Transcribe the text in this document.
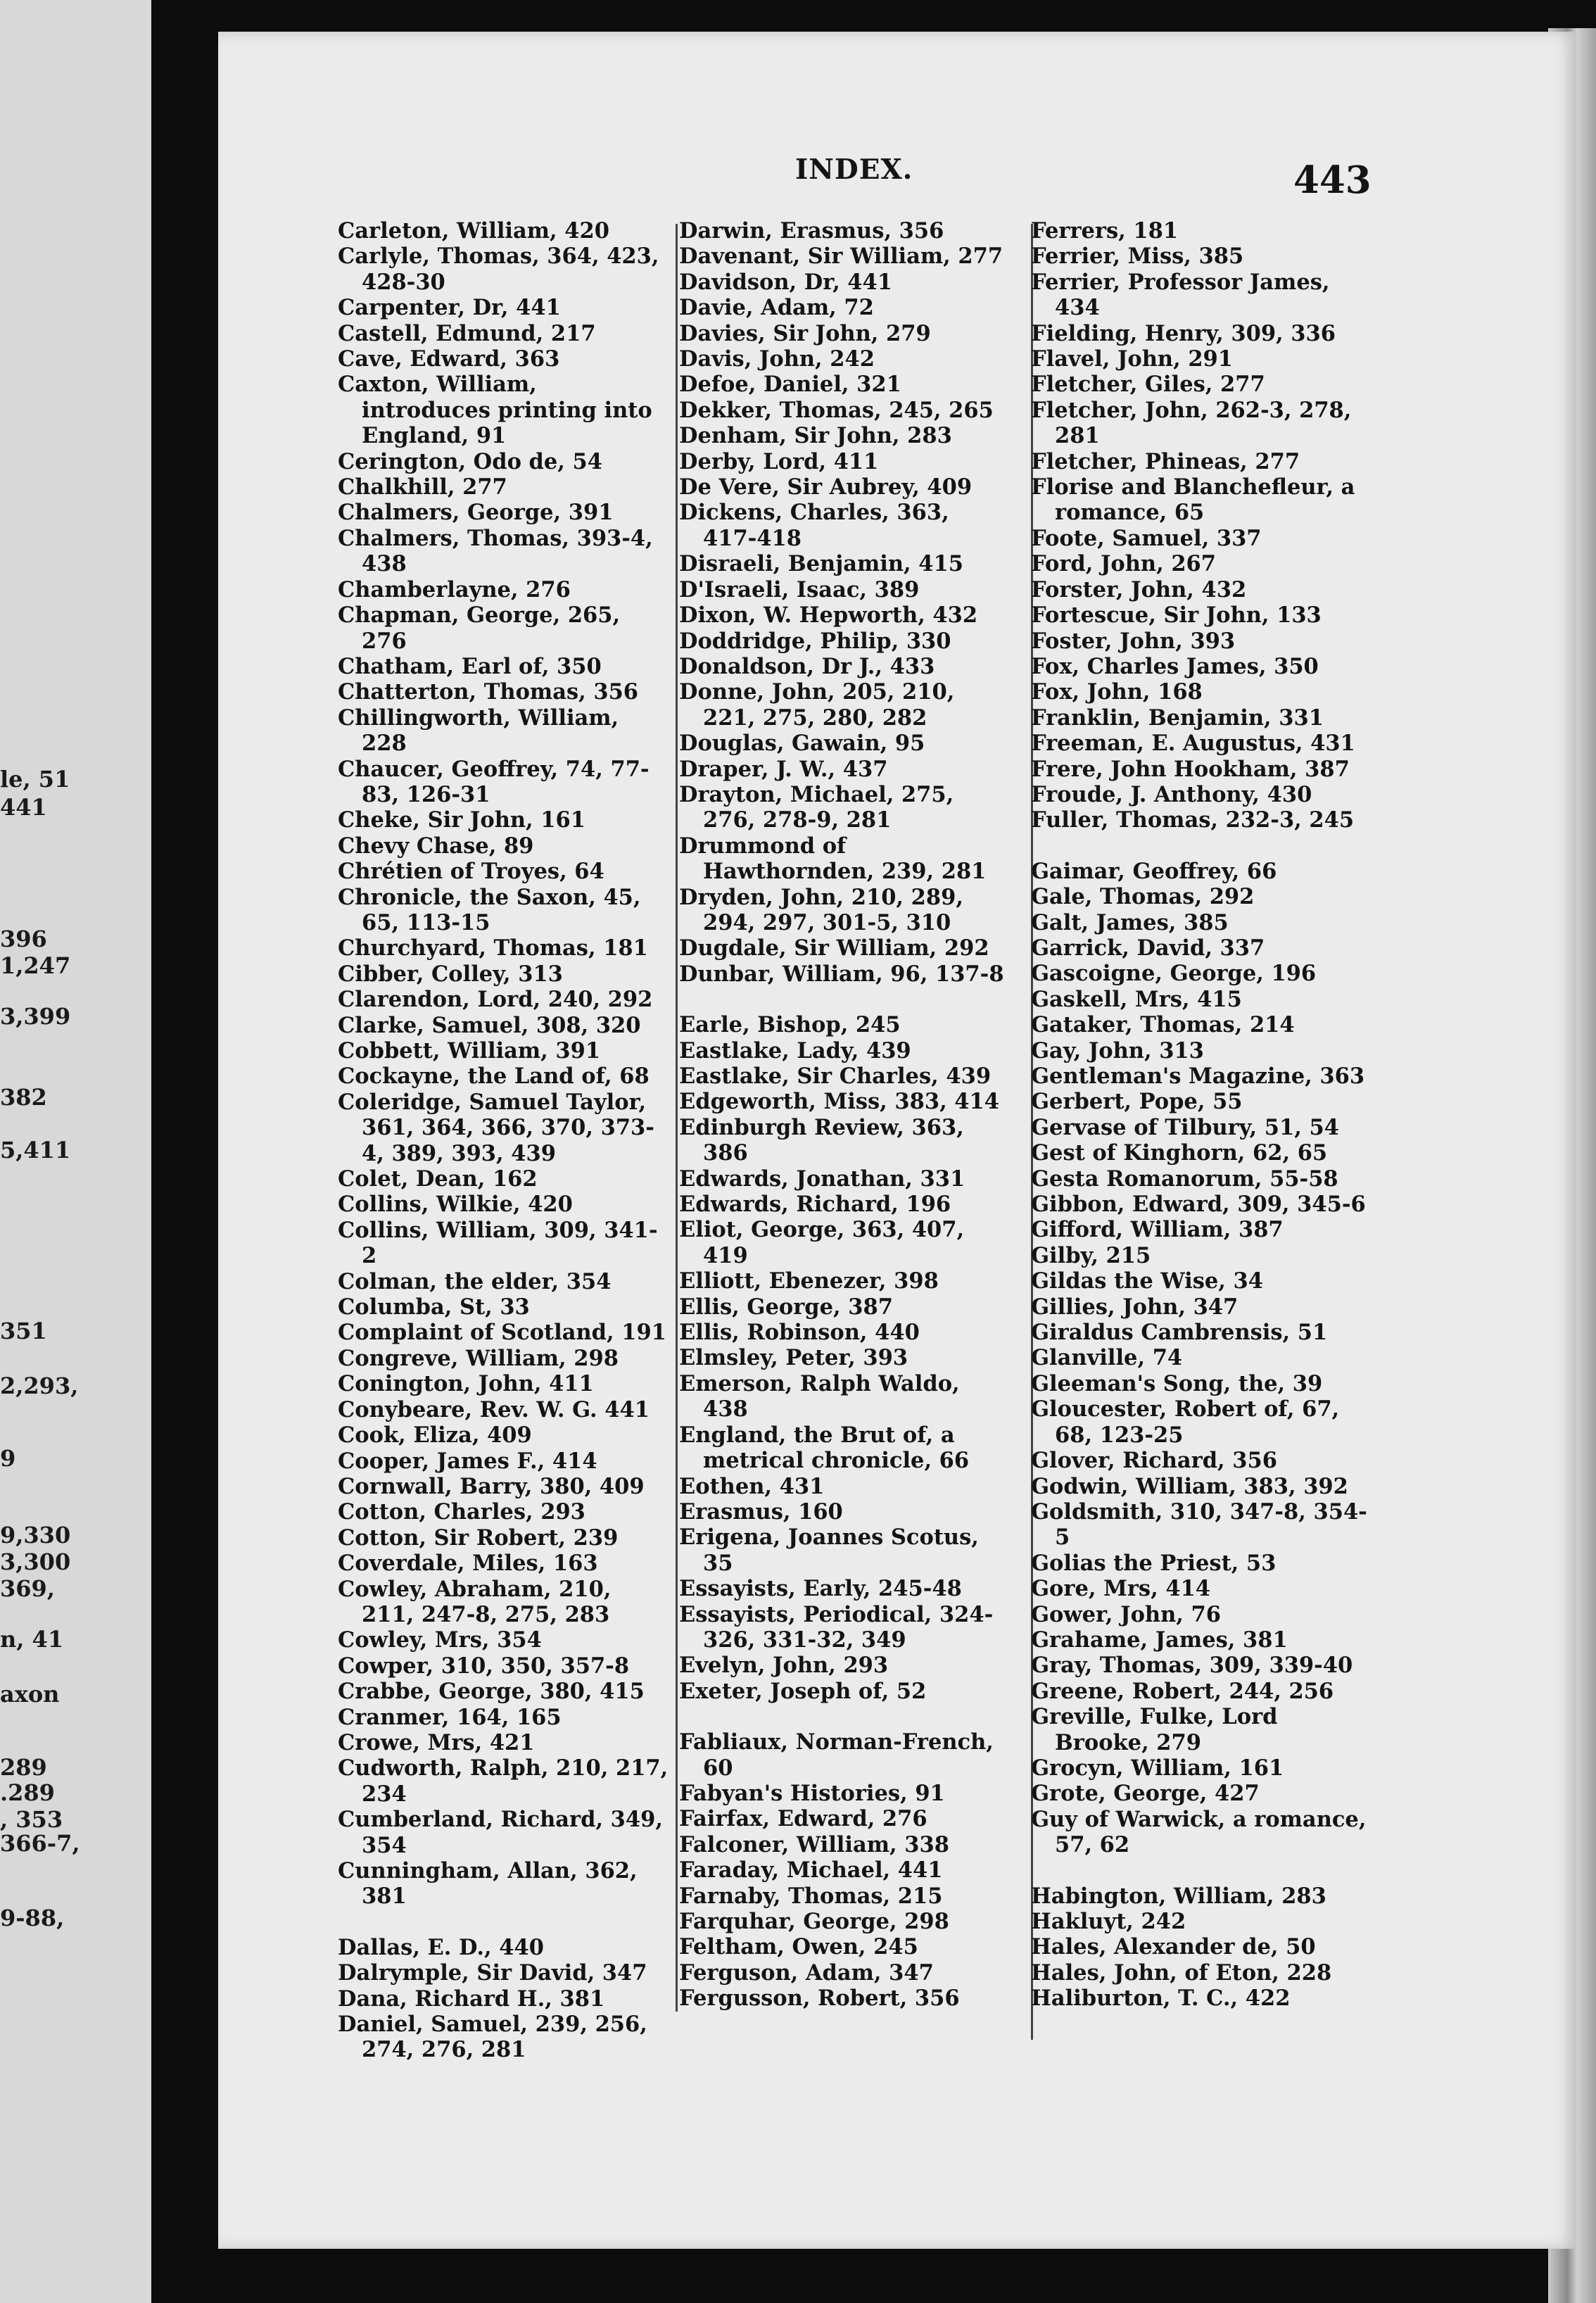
le, 51
441
396
1,247
3,399
382
5,411
351
2,293,
9
9,330
3,300
369,
n, 41
axon
289
.289
, 353
366-7,
9-88,
INDEX.	443
Carleton, William, 420
Carlyle, Thomas, 364, 423, 428-30
Carpenter, Dr, 441
Castell, Edmund, 217
Cave, Edward, 363
Caxton, William, introduces printing into England, 91
Cerington, Odo de, 54
Chalkhill, 277
Chalmers, George, 391
Chalmers, Thomas, 393-4, 438
Chamberlayne, 276
Chapman, George, 265, 276
Chatham, Earl of, 350
Chatterton, Thomas, 356
Chillingworth, William, 228
Chaucer, Geoffrey, 74, 77-83, 126-31
Cheke, Sir John, 161
Chevy Chase, 89
Chrétien of Troyes, 64
Chronicle, the Saxon, 45, 65, 113-15
Churchyard, Thomas, 181
Cibber, Colley, 313
Clarendon, Lord, 240, 292
Clarke, Samuel, 308, 320
Cobbett, William, 391
Cockayne, the Land of, 68
Coleridge, Samuel Taylor, 361, 364, 366, 370, 373-4, 389, 393, 439
Colet, Dean, 162
Collins, Wilkie, 420
Collins, William, 309, 341-2
Colman, the elder, 354
Columba, St, 33
Complaint of Scotland, 191
Congreve, William, 298
Conington, John, 411
Conybeare, Rev. W. G. 441
Cook, Eliza, 409
Cooper, James F., 414
Cornwall, Barry, 380, 409
Cotton, Charles, 293
Cotton, Sir Robert, 239
Coverdale, Miles, 163
Cowley, Abraham, 210, 211, 247-8, 275, 283
Cowley, Mrs, 354
Cowper, 310, 350, 357-8
Crabbe, George, 380, 415
Cranmer, 164, 165
Crowe, Mrs, 421
Cudworth, Ralph, 210, 217, 234
Cumberland, Richard, 349, 354
Cunningham, Allan, 362, 381
Dallas, E. D., 440
Dalrymple, Sir David, 347
Dana, Richard H., 381
Daniel, Samuel, 239, 256, 274, 276, 281
Darwin, Erasmus, 356
Davenant, Sir William, 277
Davidson, Dr, 441
Davie, Adam, 72
Davies, Sir John, 279
Davis, John, 242
Defoe, Daniel, 321
Dekker, Thomas, 245, 265
Denham, Sir John, 283
Derby, Lord, 411
De Vere, Sir Aubrey, 409
Dickens, Charles, 363, 417-418
Disraeli, Benjamin, 415
D'Israeli, Isaac, 389
Dixon, W. Hepworth, 432
Doddridge, Philip, 330
Donaldson, Dr J., 433
Donne, John, 205, 210, 221, 275, 280, 282
Douglas, Gawain, 95
Draper, J. W., 437
Drayton, Michael, 275, 276, 278-9, 281
Drummond of Hawthornden, 239, 281
Dryden, John, 210, 289, 294, 297, 301-5, 310
Dugdale, Sir William, 292
Dunbar, William, 96, 137-8
Earle, Bishop, 245
Eastlake, Lady, 439
Eastlake, Sir Charles, 439
Edgeworth, Miss, 383, 414
Edinburgh Review, 363, 386
Edwards, Jonathan, 331
Edwards, Richard, 196
Eliot, George, 363, 407, 419
Elliott, Ebenezer, 398
Ellis, George, 387
Ellis, Robinson, 440
Elmsley, Peter, 393
Emerson, Ralph Waldo, 438
England, the Brut of, a metrical chronicle, 66
Eothen, 431
Erasmus, 160
Erigena, Joannes Scotus, 35
Essayists, Early, 245-48
Essayists, Periodical, 324-326, 331-32, 349
Evelyn, John, 293
Exeter, Joseph of, 52
Fabliaux, Norman-French, 60
Fabyan's Histories, 91
Fairfax, Edward, 276
Falconer, William, 338
Faraday, Michael, 441
Farnaby, Thomas, 215
Farquhar, George, 298
Feltham, Owen, 245
Ferguson, Adam, 347
Fergusson, Robert, 356
Ferrers, 181
Ferrier, Miss, 385
Ferrier, Professor James, 434
Fielding, Henry, 309, 336
Flavel, John, 291
Fletcher, Giles, 277
Fletcher, John, 262-3, 278, 281
Fletcher, Phineas, 277
Florise and Blanchefleur, a romance, 65
Foote, Samuel, 337
Ford, John, 267
Forster, John, 432
Fortescue, Sir John, 133
Foster, John, 393
Fox, Charles James, 350
Fox, John, 168
Franklin, Benjamin, 331
Freeman, E. Augustus, 431
Frere, John Hookham, 387
Froude, J. Anthony, 430
Fuller, Thomas, 232-3, 245
Gaimar, Geoffrey, 66
Gale, Thomas, 292
Galt, James, 385
Garrick, David, 337
Gascoigne, George, 196
Gaskell, Mrs, 415
Gataker, Thomas, 214
Gay, John, 313
Gentleman's Magazine, 363
Gerbert, Pope, 55
Gervase of Tilbury, 51, 54
Gest of Kinghorn, 62, 65
Gesta Romanorum, 55-58
Gibbon, Edward, 309, 345-6
Gifford, William, 387
Gilby, 215
Gildas the Wise, 34
Gillies, John, 347
Giraldus Cambrensis, 51
Glanville, 74
Gleeman's Song, the, 39
Gloucester, Robert of, 67, 68, 123-25
Glover, Richard, 356
Godwin, William, 383, 392
Goldsmith, 310, 347-8, 354-5
Golias the Priest, 53
Gore, Mrs, 414
Gower, John, 76
Grahame, James, 381
Gray, Thomas, 309, 339-40
Greene, Robert, 244, 256
Greville, Fulke, Lord Brooke, 279
Grocyn, William, 161
Grote, George, 427
Guy of Warwick, a romance, 57, 62
Habington, William, 283
Hakluyt, 242
Hales, Alexander de, 50
Hales, John, of Eton, 228
Haliburton, T. C., 422
